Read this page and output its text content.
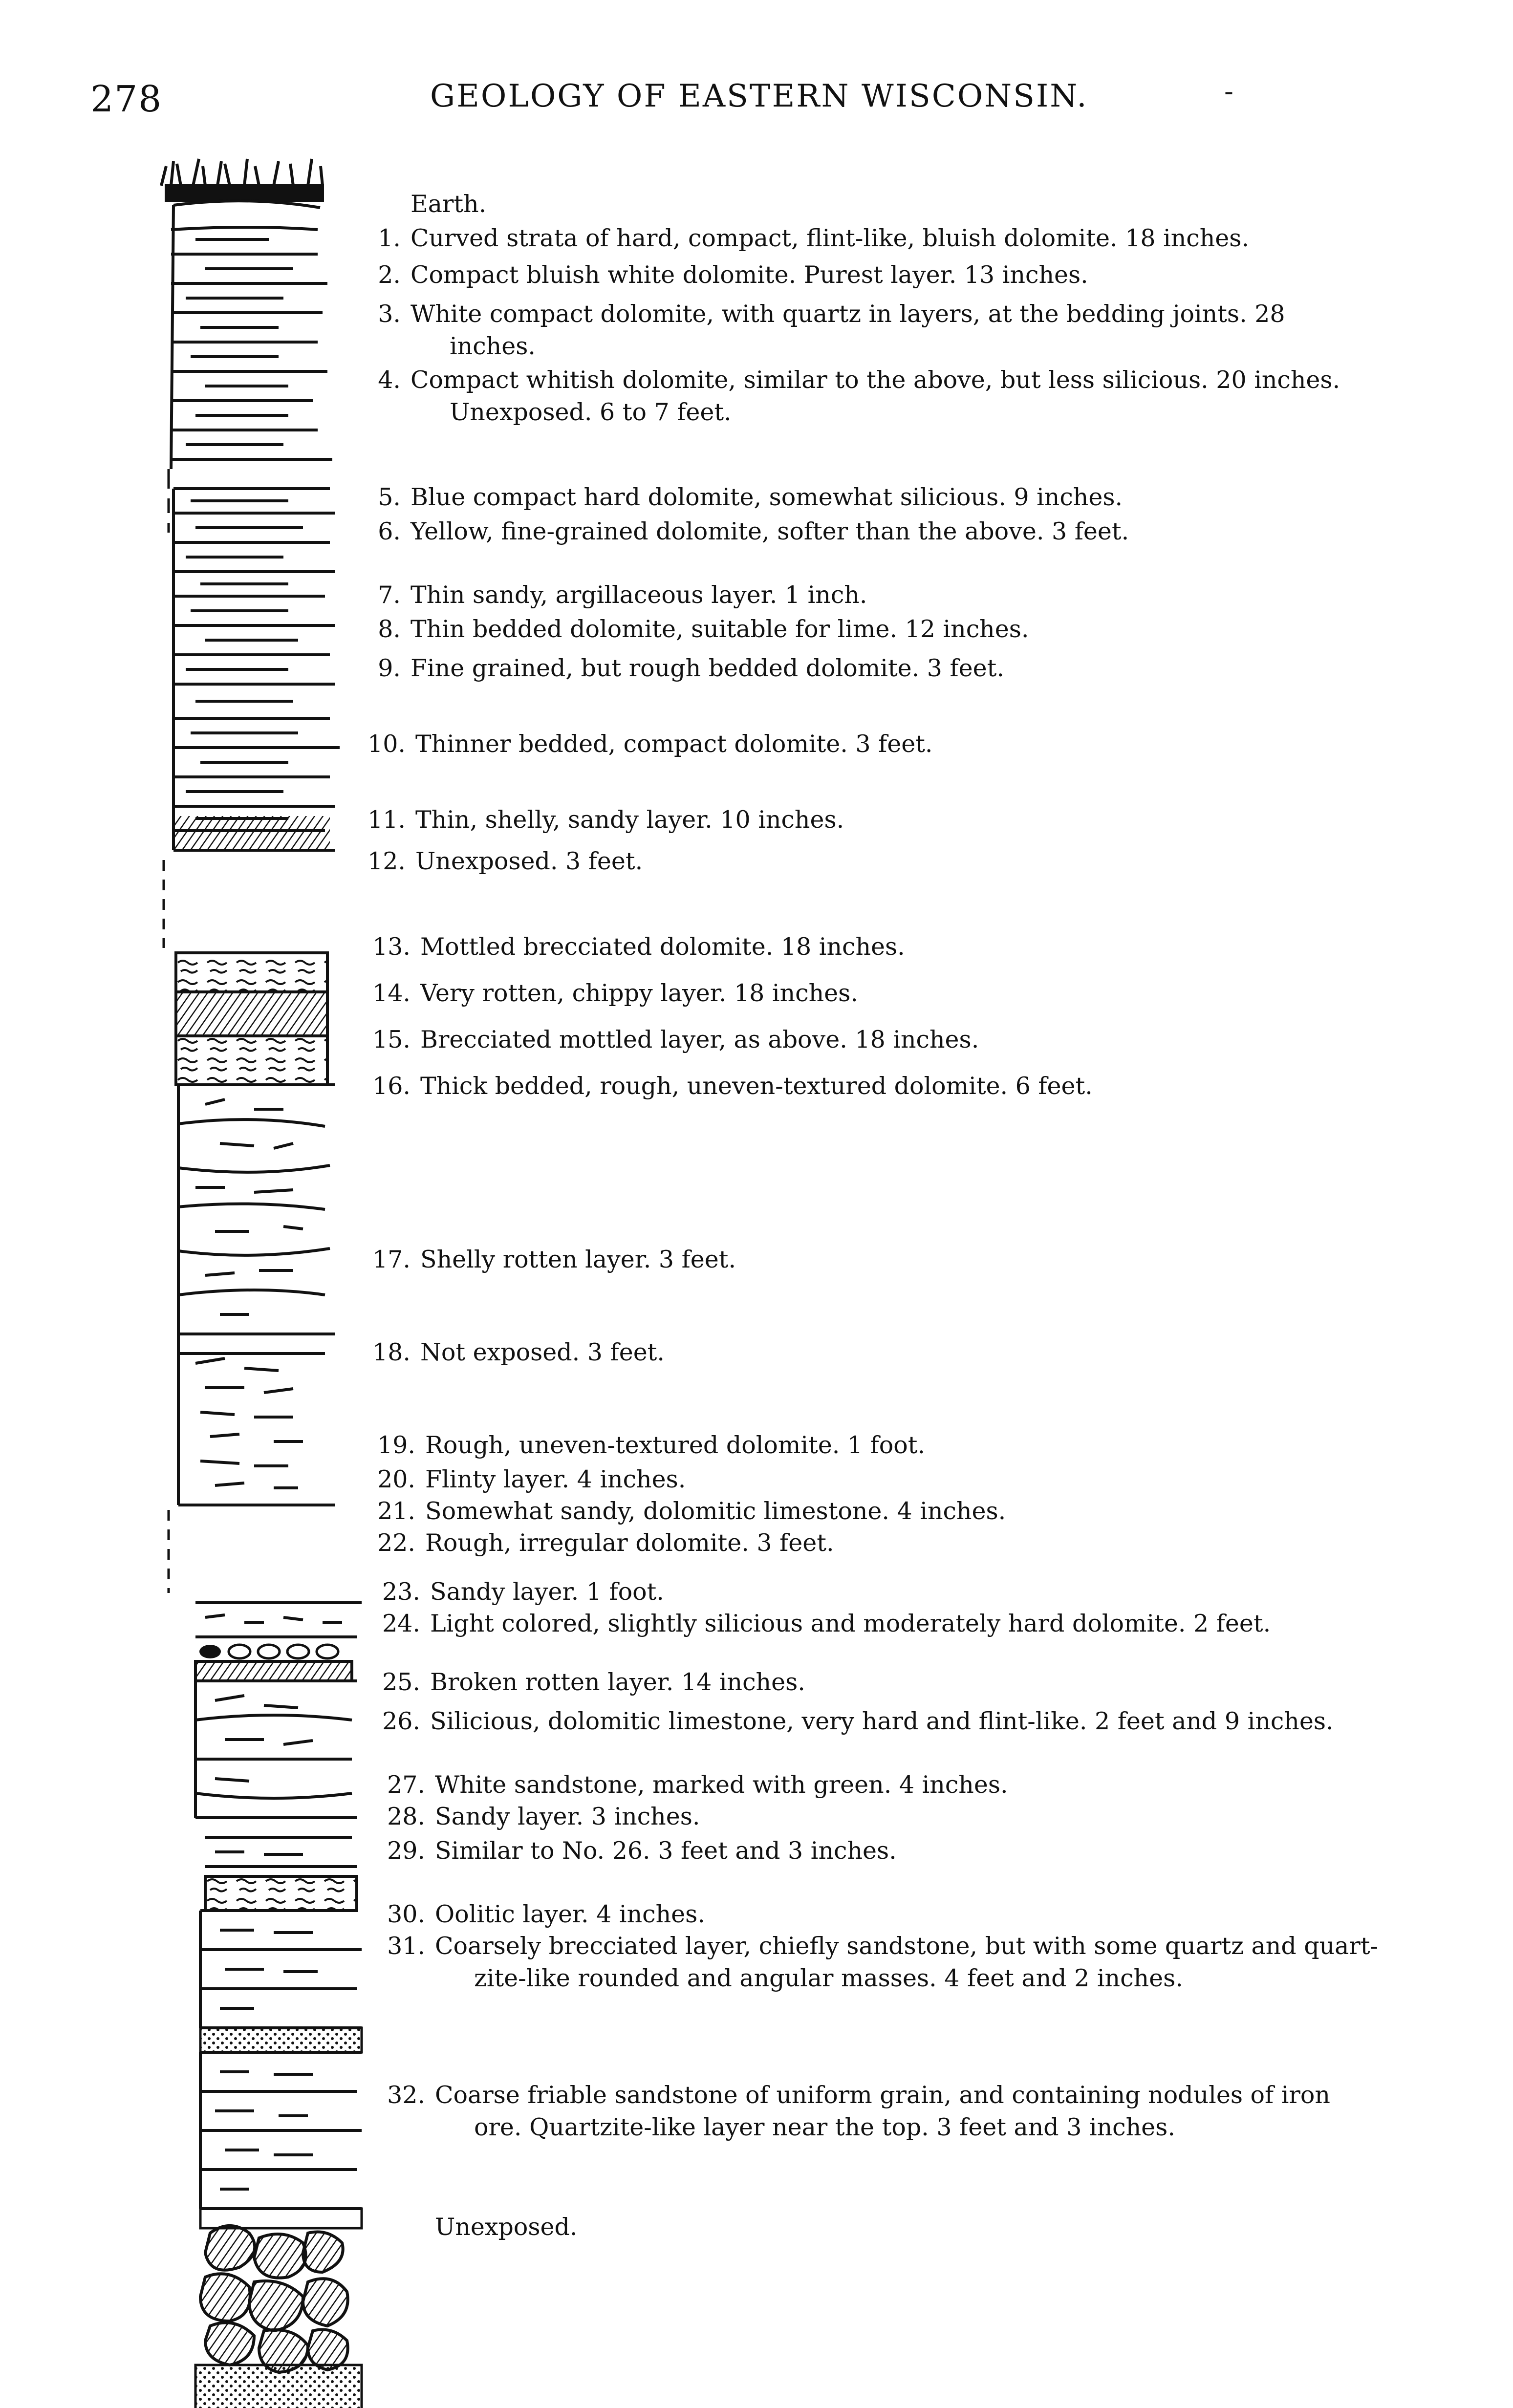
278	GEOLOGY OF EASTERN WISCONSIN.	-
Earth.
1. Curved strata of hard, compact, flint-like, bluish dolomite. 18 inches.
2. Compact bluish white dolomite. Purest layer. 13 inches.
3. White compact dolomite, with quartz in layers, at the bedding joints. 28
inches.
4. Compact whitish dolomite, similar to the above, but less silicious. 20 inches.
Unexposed. 6 to 7 feet.
5. Blue compact hard dolomite, somewhat silicious. 9 inches.
6. Yellow, fine-grained dolomite, softer than the above. 3 feet.
7. Thin sandy, argillaceous layer. 1 inch.
8. Thin bedded dolomite, suitable for lime. 12 inches.
9. Fine grained, but rough bedded dolomite. 3 feet.
10. Thinner bedded, compact dolomite. 3 feet.
11. Thin, shelly, sandy layer. 10 inches.
12. Unexposed. 3 feet.
13. Mottled brecciated dolomite. 18 inches.
14. Very rotten, chippy layer. 18 inches.
15. Brecciated mottled layer, as above. 18 inches.
16. Thick bedded, rough, uneven-textured dolomite. 6 feet.
17. Shelly rotten layer. 3 feet.
18. Not exposed. 3 feet.
19. Rough, uneven-textured dolomite. 1 foot.
20. Flinty layer. 4 inches.
21. Somewhat sandy, dolomitic limestone. 4 inches.
22. Rough, irregular dolomite. 3 feet.
23. Sandy layer. 1 foot.
24. Light colored, slightly silicious and moderately hard dolomite. 2 feet.
25. Broken rotten layer. 14 inches.
26. Silicious, dolomitic limestone, very hard and flint-like. 2 feet and 9 inches.
27. White sandstone, marked with green. 4 inches.
28. Sandy layer. 3 inches.
29. Similar to No. 26. 3 feet and 3 inches.
30. Oolitic layer. 4 inches.
31. Coarsely brecciated layer, chiefly sandstone, but with some quartz and quart-
zite-like rounded and angular masses. 4 feet and 2 inches.
32. Coarse friable sandstone of uniform grain, and containing nodules of iron
ore. Quartzite-like layer near the top. 3 feet and 3 inches.
Unexposed.
